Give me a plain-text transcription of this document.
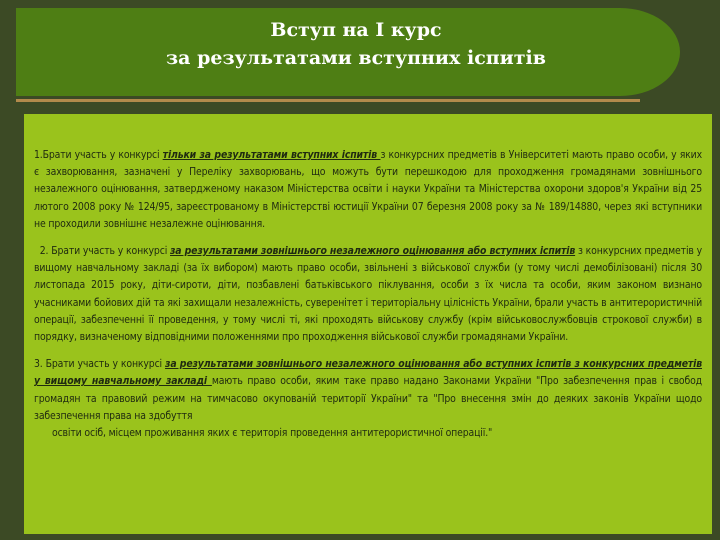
Вступ на I курс
за результатами вступних іспитів

1.Брати участь у конкурсі тільки за результатами вступних іспитів з конкурсних предметів в Університеті мають право особи, у яких є захворювання, зазначені у Переліку захворювань, що можуть бути перешкодою для проходження громадянами зовнішнього незалежного оцінювання, затвердженому наказом Міністерства освіти і науки України та Міністерства охорони здоров'я України від 25 лютого 2008 року № 124/95, зареєстрованому в Міністерстві юстиції України 07 березня 2008 року за № 189/14880, через які вступники не проходили зовнішнє незалежне оцінювання.

2. Брати участь у конкурсі за результатами зовнішнього незалежного оцінювання або вступних іспитів з конкурсних предметів у вищому навчальному закладі (за їх вибором) мають право особи, звільнені з військової служби (у тому числі демобілізовані) після 30 листопада 2015 року, діти-сироти, діти, позбавлені батьківського піклування, особи з їх числа та особи, яким законом визнано учасниками бойових дій та які захищали незалежність, суверенітет і територіальну цілісність України, брали участь в антитерористичній операції, забезпеченні її проведення, у тому числі ті, які проходять військову службу (крім військовослужбовців строкової служби) в порядку, визначеному відповідними положеннями про проходження військової служби громадянами України.

3. Брати участь у конкурсі за результатами зовнішнього незалежного оцінювання або вступних іспитів з конкурсних предметів у вищому навчальному закладі мають право особи, яким таке право надано Законами України "Про забезпечення прав і свобод громадян та правовий режим на тимчасово окупованій території України" та "Про внесення змін до деяких законів України щодо забезпечення права на здобуття
освіти осіб, місцем проживання яких є територія проведення антитерористичної операції."
